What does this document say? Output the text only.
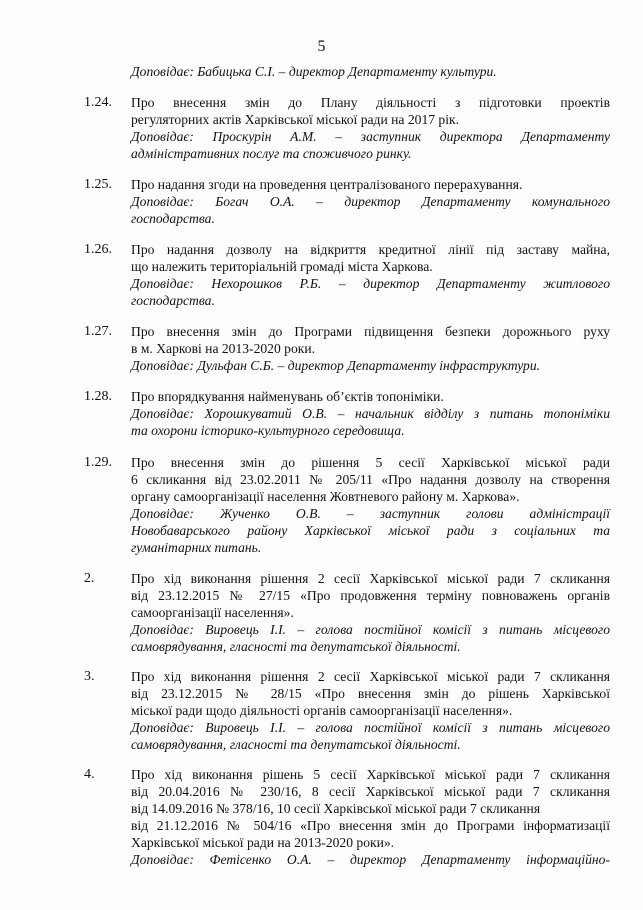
5
Доповідає: Бабицька С.І. – директор Департаменту культури.
1.24. Про внесення змін до Плану діяльності з підготовки проектів
регуляторних актів Харківської міської ради на 2017 рік.
Доповідає: Проскурін А.М. – заступник директора Департаменту
адміністративних послуг та споживчого ринку.
1.25. Про надання згоди на проведення централізованого перерахування.
Доповідає: Богач О.А. – директор Департаменту комунального
господарства.
1.26. Про надання дозволу на відкриття кредитної лінії під заставу майна,
що належить територіальній громаді міста Харкова.
Доповідає: Нехорошков Р.Б. – директор Департаменту житлового
господарства.
1.27. Про внесення змін до Програми підвищення безпеки дорожнього руху
в м. Харкові на 2013-2020 роки.
Доповідає: Дульфан С.Б. – директор Департаменту інфраструктури.
1.28. Про впорядкування найменувань об’єктів топоніміки.
Доповідає: Хорошкуватий О.В. – начальник відділу з питань топоніміки
та охорони історико-культурного середовища.
1.29. Про внесення змін до рішення 5 сесії Харківської міської ради
6 скликання від 23.02.2011 № 205/11 «Про надання дозволу на створення
органу самоорганізації населення Жовтневого району м. Харкова».
Доповідає: Жученко О.В. – заступник голови адміністрації
Новобаварського району Харківської міської ради з соціальних та
гуманітарних питань.
2.	Про хід виконання рішення 2 сесії Харківської міської ради 7 скликання
від 23.12.2015 № 27/15 «Про продовження терміну повноважень органів
самоорганізації населення».
Доповідає: Вировець І.І. – голова постійної комісії з питань місцевого
самоврядування, гласності та депутатської діяльності.
3.	Про хід виконання рішення 2 сесії Харківської міської ради 7 скликання
від 23.12.2015 № 28/15 «Про внесення змін до рішень Харківської
міської ради щодо діяльності органів самоорганізації населення».
Доповідає: Вировець І.І. – голова постійної комісії з питань місцевого
самоврядування, гласності та депутатської діяльності.
4.	Про хід виконання рішень 5 сесії Харківської міської ради 7 скликання
від 20.04.2016 № 230/16, 8 сесії Харківської міської ради 7 скликання
від 14.09.2016 № 378/16, 10 сесії Харківської міської ради 7 скликання
від 21.12.2016 № 504/16 «Про внесення змін до Програми інформатизації
Харківської міської ради на 2013-2020 роки».
Доповідає: Фетісенко О.А. – директор Департаменту інформаційно-
